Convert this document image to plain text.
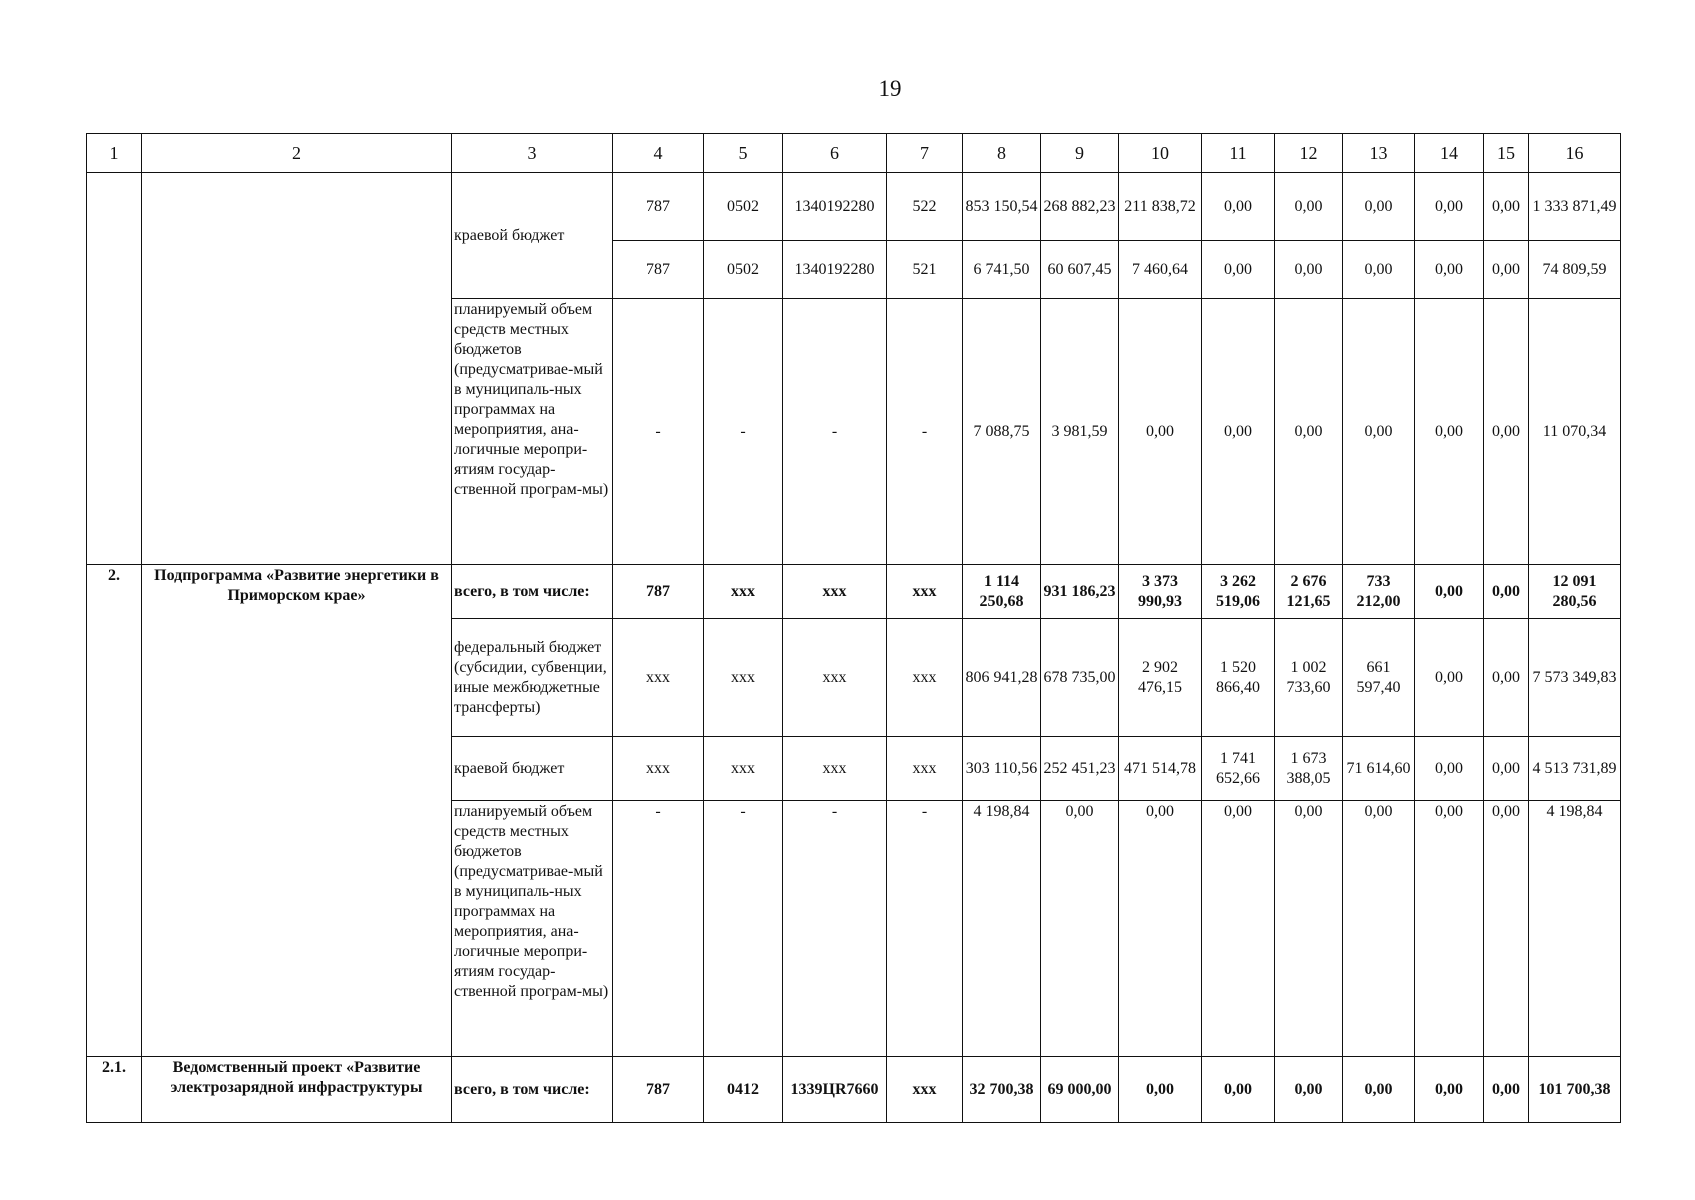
19
1	2	3	4	5	6	7	8	9	10	11	12	13	14	15	16
		краевой бюджет	787	0502	1340192280	522	853 150,54	268 882,23	211 838,72	0,00	0,00	0,00	0,00	0,00	1 333 871,49
			787	0502	1340192280	521	6 741,50	60 607,45	7 460,64	0,00	0,00	0,00	0,00	0,00	74 809,59
		планируемый объем средств местных бюджетов (предусматривае-мый в муниципаль-ных программах на мероприятия, ана-логичные меропри-ятиям государ-ственной програм-мы)	-	-	-	-	7 088,75	3 981,59	0,00	0,00	0,00	0,00	0,00	0,00	11 070,34
2.	Подпрограмма «Развитие энергетики в Приморском крае»	всего, в том числе:	787	ххх	ххх	ххх	1 114 250,68	931 186,23	3 373 990,93	3 262 519,06	2 676 121,65	733 212,00	0,00	0,00	12 091 280,56
		федеральный бюджет (субсидии, субвенции, иные межбюджетные трансферты)	ххх	ххх	ххх	ххх	806 941,28	678 735,00	2 902 476,15	1 520 866,40	1 002 733,60	661 597,40	0,00	0,00	7 573 349,83
		краевой бюджет	ххх	ххх	ххх	ххх	303 110,56	252 451,23	471 514,78	1 741 652,66	1 673 388,05	71 614,60	0,00	0,00	4 513 731,89
		планируемый объем средств местных бюджетов (предусматривае-мый в муниципаль-ных программах на мероприятия, ана-логичные меропри-ятиям государ-ственной програм-мы)	-	-	-	-	4 198,84	0,00	0,00	0,00	0,00	0,00	0,00	0,00	4 198,84
2.1.	Ведомственный проект «Развитие электрозарядной инфраструктуры	всего, в том числе:	787	0412	1339ЦR7660	ххх	32 700,38	69 000,00	0,00	0,00	0,00	0,00	0,00	0,00	101 700,38
